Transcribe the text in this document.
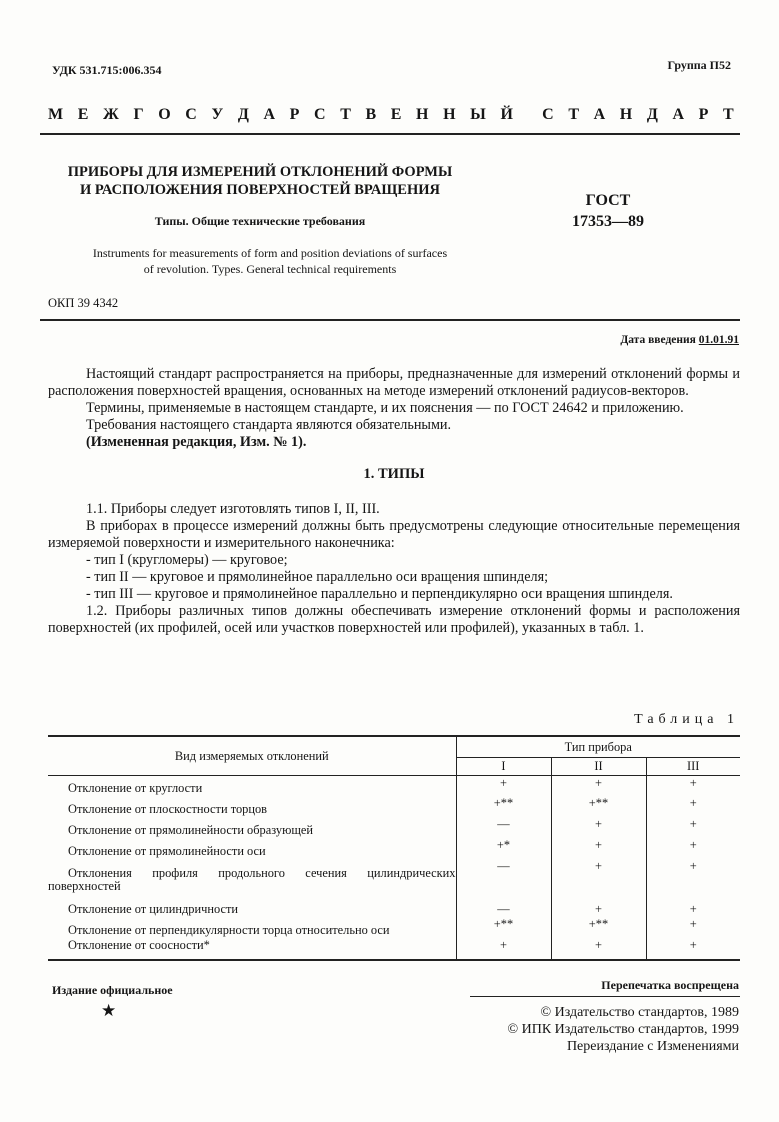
УДК 531.715:006.354	Группа П52
М Е Ж Г О С У Д А Р С Т В Е Н Н Ы Й С Т А Н Д А Р Т
ПРИБОРЫ ДЛЯ ИЗМЕРЕНИЙ ОТКЛОНЕНИЙ ФОРМЫ
И РАСПОЛОЖЕНИЯ ПОВЕРХНОСТЕЙ ВРАЩЕНИЯ
ГОСТ
17353—89
Типы. Общие технические требования
Instruments for measurements of form and position deviations of surfaces
of revolution. Types. General technical requirements
ОКП 39 4342
Дата введения 01.01.91

Настоящий стандарт распространяется на приборы, предназначенные для измерений отклонений формы и расположения поверхностей вращения, основанных на методе измерений отклонений радиусов-векторов.

Термины, применяемые в настоящем стандарте, и их пояснения — по ГОСТ 24642 и приложению.

Требования настоящего стандарта являются обязательными.

(Измененная редакция, Изм. № 1).

1. ТИПЫ

1.1. Приборы следует изготовлять типов I, II, III.

В приборах в процессе измерений должны быть предусмотрены следующие относительные перемещения измеряемой поверхности и измерительного наконечника:

- тип I (кругломеры) — круговое;

- тип II — круговое и прямолинейное параллельно оси вращения шпинделя;

- тип III — круговое и прямолинейное параллельно и перпендикулярно оси вращения шпинделя.

1.2. Приборы различных типов должны обеспечивать измерение отклонений формы и расположения поверхностей (их профилей, осей или участков поверхностей или профилей), указанных в табл. 1.

Таблица 1
Вид измеряемых отклонений	Тип прибора		
	I	II	III
Отклонение от круглости	+	+	+
Отклонение от плоскостности торцов	+**	+**	+
Отклонение от прямолинейности образующей	—	+	+
Отклонение от прямолинейности оси	+*	+	+
Отклонения профиля продольного сечения цилиндрических поверхностей	—	+	+
Отклонение от цилиндричности	—	+	+
Отклонение от перпендикулярности торца относительно оси	+**	+**	+
Отклонение от соосности*	+	+	+
Издание официальное	Перепечатка воспрещена
★	© Издательство стандартов, 1989
© ИПК Издательство стандартов, 1999
Переиздание с Изменениями
